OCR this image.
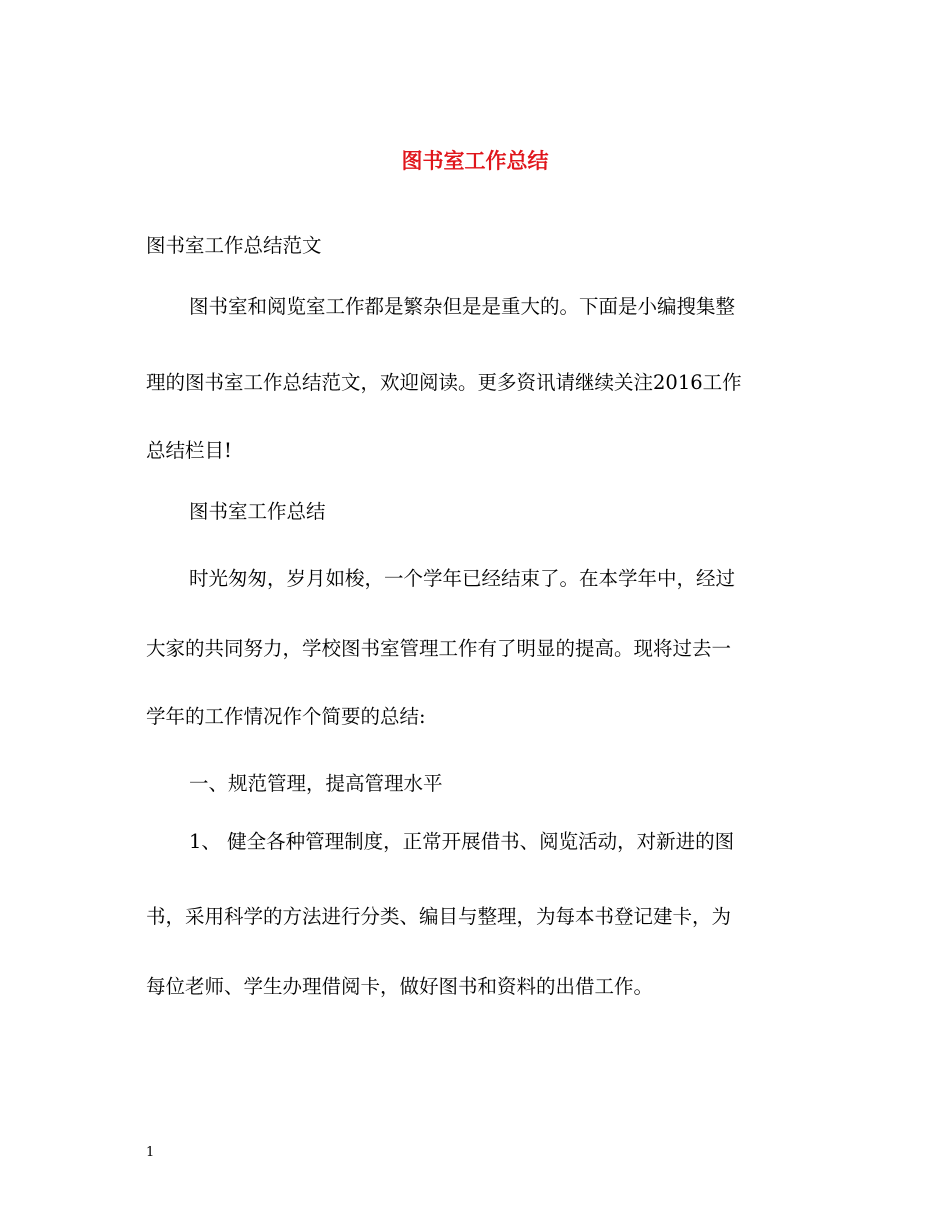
图书室工作总结
图书室工作总结范文
图书室和阅览室工作都是繁杂但是是重大的。下面是小编搜集整
理的图书室工作总结范文，欢迎阅读。更多资讯请继续关注2016工作
总结栏目!
图书室工作总结
时光匆匆，岁月如梭，一个学年已经结束了。在本学年中，经过
大家的共同努力，学校图书室管理工作有了明显的提高。现将过去一
学年的工作情况作个简要的总结:
一、规范管理，提高管理水平
1、 健全各种管理制度，正常开展借书、阅览活动，对新进的图
书，采用科学的方法进行分类、编目与整理，为每本书登记建卡，为
每位老师、学生办理借阅卡，做好图书和资料的出借工作。
1
